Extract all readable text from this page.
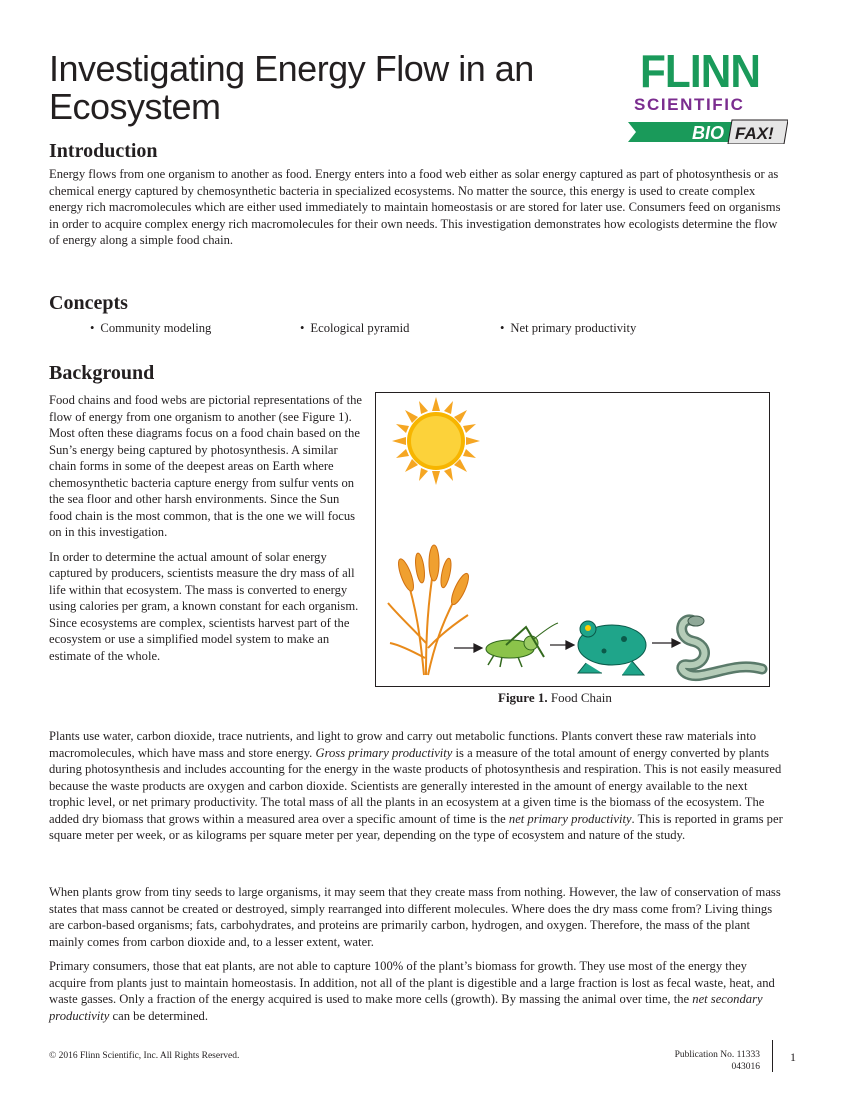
Investigating Energy Flow in an Ecosystem
FLINN
SCIENTIFIC
BIO FAX!
Introduction

Energy flows from one organism to another as food. Energy enters into a food web either as solar energy captured as part of photosynthesis or as chemical energy captured by chemosynthetic bacteria in specialized ecosystems. No matter the source, this energy is used to create complex energy rich macromolecules which are either used immediately to maintain homeostasis or are stored for later use. Consumers feed on organisms in order to acquire complex energy rich macromolecules for their own needs. This investigation demonstrates how ecologists determine the flow of energy along a simple food chain.

Concepts
• Community modeling	• Ecological pyramid	• Net primary productivity
Background

Food chains and food webs are pictorial representations of the flow of energy from one organism to another (see Figure 1). Most often these diagrams focus on a food chain based on the Sun’s energy being captured by photosynthesis. A similar chain forms in some of the deepest areas on Earth where chemosynthetic bacteria capture energy from sulfur vents on the sea floor and other harsh environments. Since the Sun food chain is the most common, that is the one we will focus on in this investigation.

In order to determine the actual amount of solar energy captured by producers, scientists measure the dry mass of all life within that ecosystem. The mass is converted to energy using calories per gram, a known constant for each organism. Since ecosystems are complex, scientists harvest part of the ecosystem or use a simplified model system to make an estimate of the whole.

Figure 1. Food Chain

Plants use water, carbon dioxide, trace nutrients, and light to grow and carry out metabolic functions. Plants convert these raw materials into macromolecules, which have mass and store energy. Gross primary productivity is a measure of the total amount of energy converted by plants during photosynthesis and includes accounting for the energy in the waste products of photosynthesis and respiration. This is not easily measured because the waste products are oxygen and carbon dioxide. Scientists are generally interested in the amount of energy available to the next trophic level, or net primary productivity. The total mass of all the plants in an ecosystem at a given time is the biomass of the ecosystem. The added dry biomass that grows within a measured area over a specific amount of time is the net primary productivity. This is reported in grams per square meter per week, or as kilograms per square meter per year, depending on the type of ecosystem and nature of the study.

When plants grow from tiny seeds to large organisms, it may seem that they create mass from nothing. However, the law of conservation of mass states that mass cannot be created or destroyed, simply rearranged into different molecules. Where does the dry mass come from? Living things are carbon-based organisms; fats, carbohydrates, and proteins are primarily carbon, hydrogen, and oxygen. Therefore, the mass of the plant mainly comes from carbon dioxide and, to a lesser extent, water.

Primary consumers, those that eat plants, are not able to capture 100% of the plant’s biomass for growth. They use most of the energy they acquire from plants just to maintain homeostasis. In addition, not all of the plant is digestible and a large fraction is lost as fecal waste, heat, and waste gasses. Only a fraction of the energy acquired is used to make more cells (growth). By massing the animal over time, the net secondary productivity can be determined.

© 2016 Flinn Scientific, Inc. All Rights Reserved.	Publication No. 11333
043016
1
